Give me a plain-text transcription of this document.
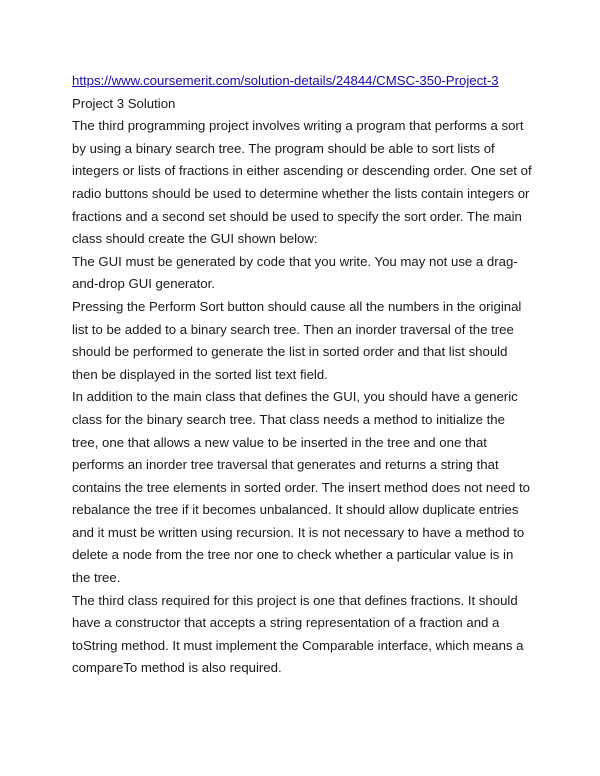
https://www.coursemerit.com/solution-details/24844/CMSC-350-Project-3

Project 3 Solution

The third programming project involves writing a program that performs a sort by using a binary search tree. The program should be able to sort lists of integers or lists of fractions in either ascending or descending order. One set of radio buttons should be used to determine whether the lists contain integers or fractions and a second set should be used to specify the sort order. The main class should create the GUI shown below:

The GUI must be generated by code that you write. You may not use a drag-and-drop GUI generator.

Pressing the Perform Sort button should cause all the numbers in the original list to be added to a binary search tree. Then an inorder traversal of the tree should be performed to generate the list in sorted order and that list should then be displayed in the sorted list text field.

In addition to the main class that defines the GUI, you should have a generic class for the binary search tree. That class needs a method to initialize the tree, one that allows a new value to be inserted in the tree and one that performs an inorder tree traversal that generates and returns a string that contains the tree elements in sorted order. The insert method does not need to rebalance the tree if it becomes unbalanced. It should allow duplicate entries and it must be written using recursion. It is not necessary to have a method to delete a node from the tree nor one to check whether a particular value is in the tree.

The third class required for this project is one that defines fractions. It should have a constructor that accepts a string representation of a fraction and a toString method. It must implement the Comparable interface, which means a compareTo method is also required.
